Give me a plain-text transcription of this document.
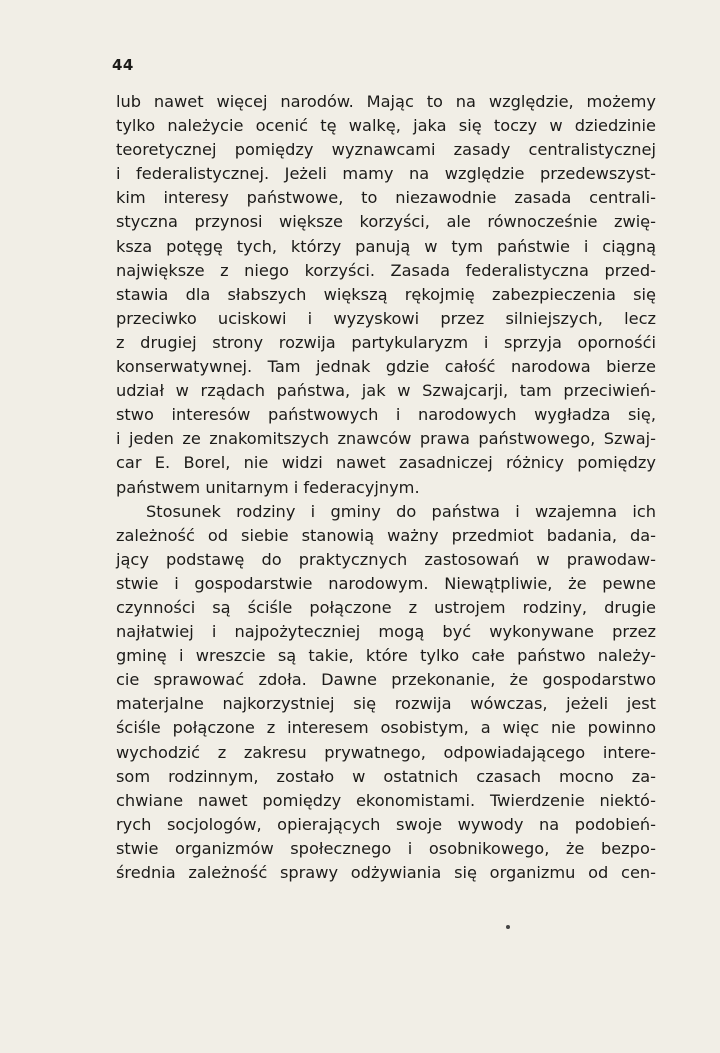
44
lub nawet więcej narodów. Mając to na względzie, możemy
tylko należycie ocenić tę walkę, jaka się toczy w dziedzinie
teoretycznej pomiędzy wyznawcami zasady centralistycznej
i federalistycznej. Jeżeli mamy na względzie przedewszyst-
kim interesy państwowe, to niezawodnie zasada centrali-
styczna przynosi większe korzyści, ale równocześnie zwię-
ksza potęgę tych, którzy panują w tym państwie i ciągną
największe z niego korzyści. Zasada federalistyczna przed-
stawia dla słabszych większą rękojmię zabezpieczenia się
przeciwko uciskowi i wyzyskowi przez silniejszych, lecz
z drugiej strony rozwija partykularyzm i sprzyja opornośći
konserwatywnej. Tam jednak gdzie całość narodowa bierze
udział w rządach państwa, jak w Szwajcarji, tam przeciwień-
stwo interesów państwowych i narodowych wygładza się,
i jeden ze znakomitszych znawców prawa państwowego, Szwaj-
car E. Borel, nie widzi nawet zasadniczej różnicy pomiędzy
państwem unitarnym i federacyjnym.
Stosunek rodziny i gminy do państwa i wzajemna ich
zależność od siebie stanowią ważny przedmiot badania, da-
jący podstawę do praktycznych zastosowań w prawodaw-
stwie i gospodarstwie narodowym. Niewątpliwie, że pewne
czynności są ściśle połączone z ustrojem rodziny, drugie
najłatwiej i najpożyteczniej mogą być wykonywane przez
gminę i wreszcie są takie, które tylko całe państwo należy-
cie sprawować zdoła. Dawne przekonanie, że gospodarstwo
materjalne najkorzystniej się rozwija wówczas, jeżeli jest
ściśle połączone z interesem osobistym, a więc nie powinno
wychodzić z zakresu prywatnego, odpowiadającego intere-
som rodzinnym, zostało w ostatnich czasach mocno za-
chwiane nawet pomiędzy ekonomistami. Twierdzenie niektó-
rych socjologów, opierających swoje wywody na podobień-
stwie organizmów społecznego i osobnikowego, że bezpo-
średnia zależność sprawy odżywiania się organizmu od cen-
